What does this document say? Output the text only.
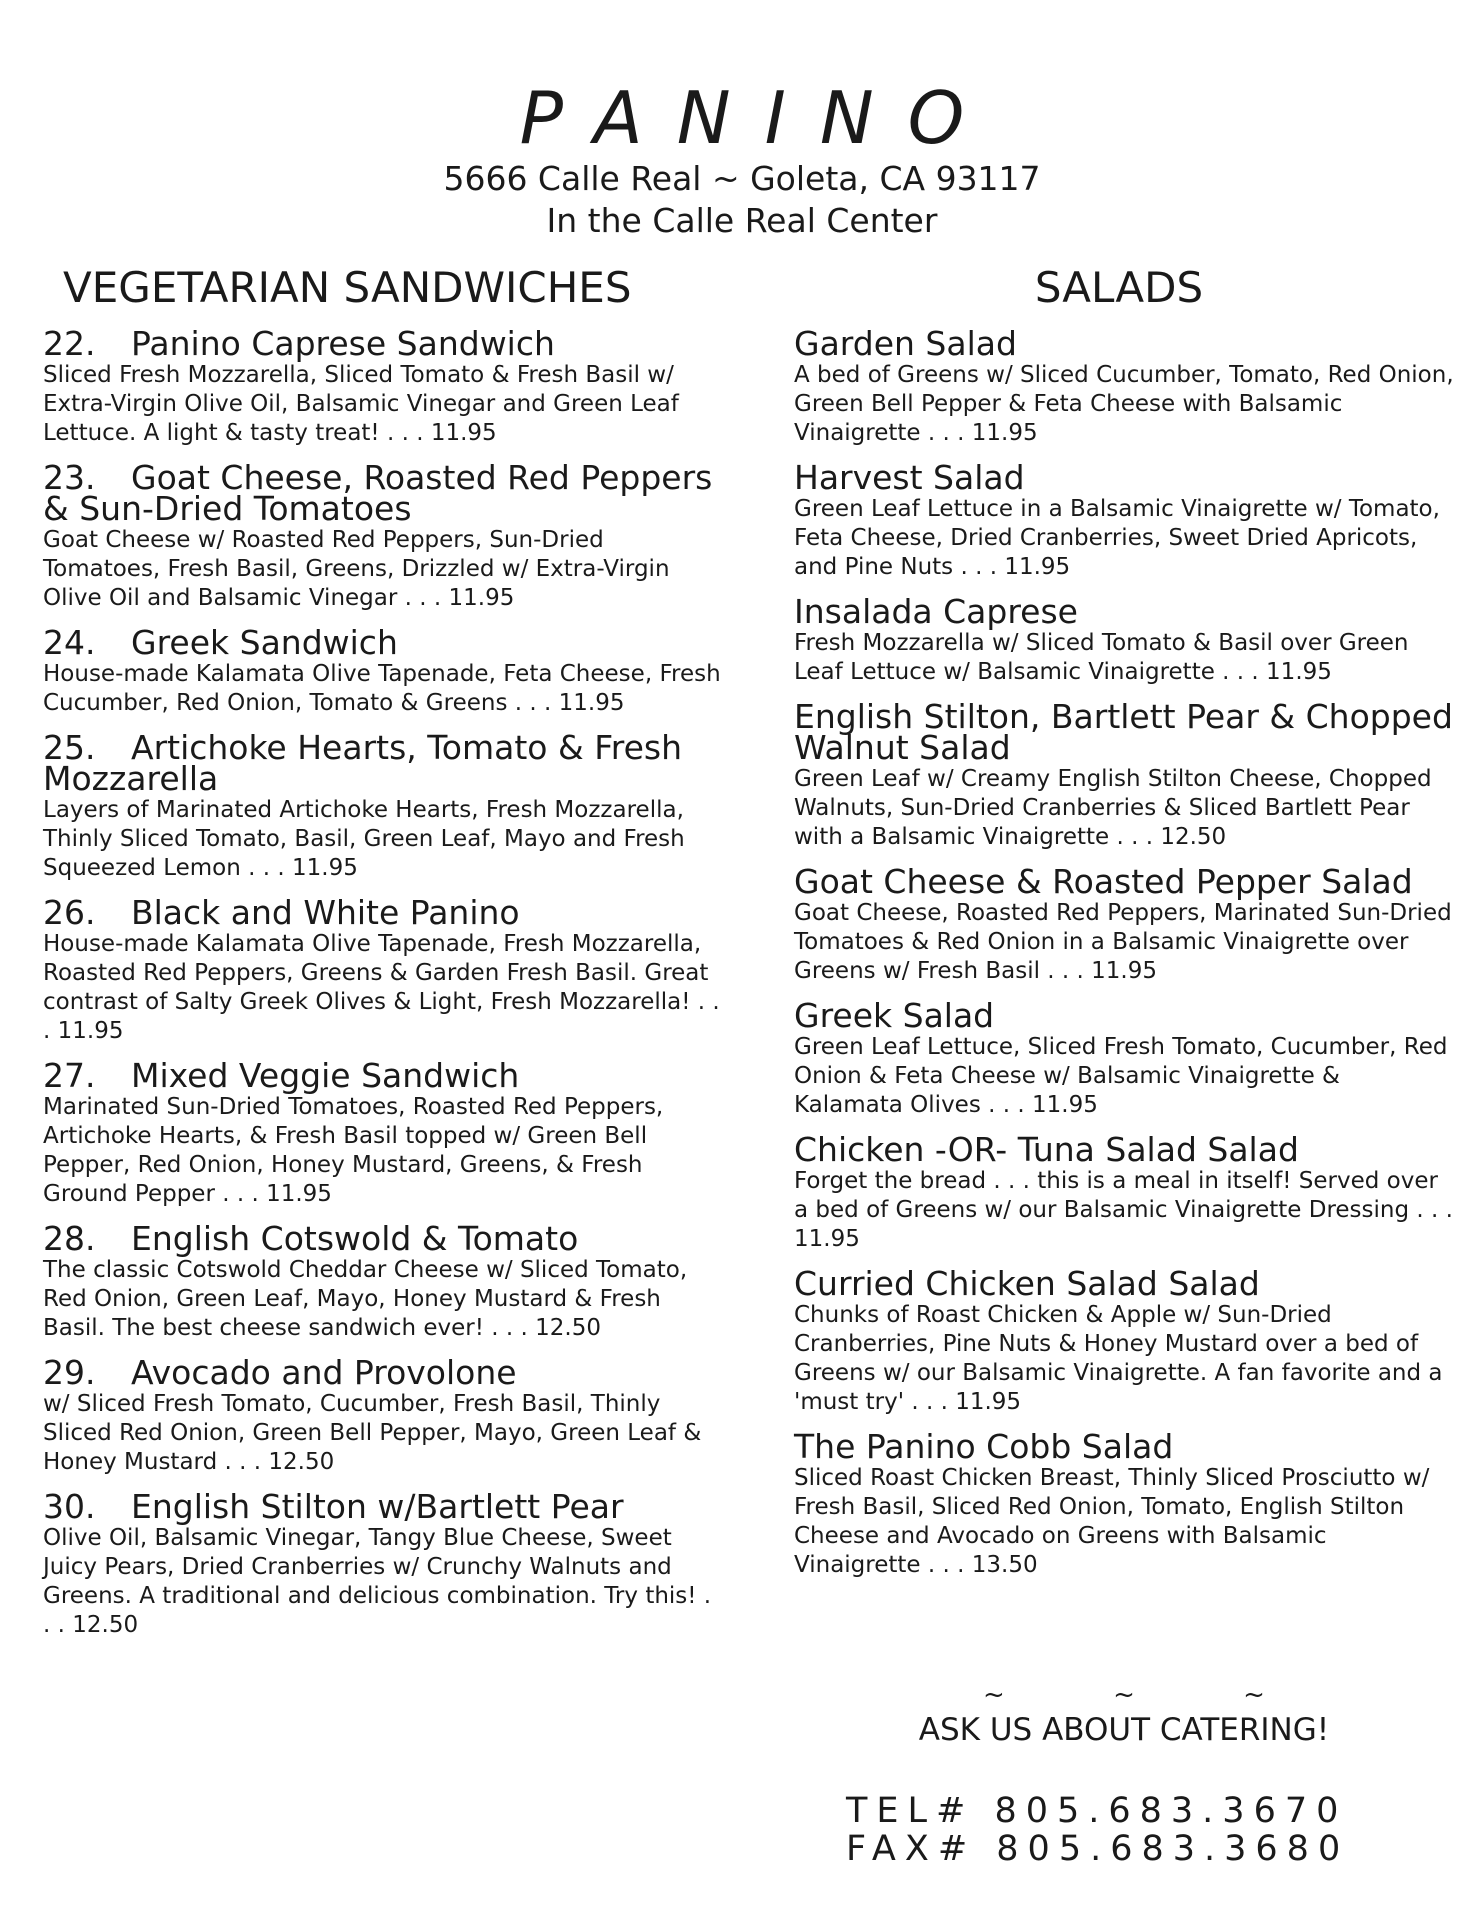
PANINO

5666 Calle Real ~ Goleta, CA 93117

In the Calle Real Center

VEGETARIAN SANDWICHES

22. Panino Caprese Sandwich

Sliced Fresh Mozzarella, Sliced Tomato & Fresh Basil w/ Extra-Virgin Olive Oil, Balsamic Vinegar and Green Leaf Lettuce. A light & tasty treat! . . . 11.95

23. Goat Cheese, Roasted Red Peppers & Sun-Dried Tomatoes

Goat Cheese w/ Roasted Red Peppers, Sun-Dried Tomatoes, Fresh Basil, Greens, Drizzled w/ Extra-Virgin Olive Oil and Balsamic Vinegar . . . 11.95

24. Greek Sandwich

House-made Kalamata Olive Tapenade, Feta Cheese, Fresh Cucumber, Red Onion, Tomato & Greens . . . 11.95

25. Artichoke Hearts, Tomato & Fresh Mozzarella

Layers of Marinated Artichoke Hearts, Fresh Mozzarella, Thinly Sliced Tomato, Basil, Green Leaf, Mayo and Fresh Squeezed Lemon . . . 11.95

26. Black and White Panino

House-made Kalamata Olive Tapenade, Fresh Mozzarella, Roasted Red Peppers, Greens & Garden Fresh Basil. Great contrast of Salty Greek Olives & Light, Fresh Mozzarella! . . . 11.95

27. Mixed Veggie Sandwich

Marinated Sun-Dried Tomatoes, Roasted Red Peppers, Artichoke Hearts, & Fresh Basil topped w/ Green Bell Pepper, Red Onion, Honey Mustard, Greens, & Fresh Ground Pepper . . . 11.95

28. English Cotswold & Tomato

The classic Cotswold Cheddar Cheese w/ Sliced Tomato, Red Onion, Green Leaf, Mayo, Honey Mustard & Fresh Basil. The best cheese sandwich ever! . . . 12.50

29. Avocado and Provolone

w/ Sliced Fresh Tomato, Cucumber, Fresh Basil, Thinly Sliced Red Onion, Green Bell Pepper, Mayo, Green Leaf & Honey Mustard . . . 12.50

30. English Stilton w/Bartlett Pear

Olive Oil, Balsamic Vinegar, Tangy Blue Cheese, Sweet Juicy Pears, Dried Cranberries w/ Crunchy Walnuts and Greens. A traditional and delicious combination. Try this! . . . 12.50

SALADS

Garden Salad

A bed of Greens w/ Sliced Cucumber, Tomato, Red Onion, Green Bell Pepper & Feta Cheese with Balsamic Vinaigrette . . . 11.95

Harvest Salad

Green Leaf Lettuce in a Balsamic Vinaigrette w/ Tomato, Feta Cheese, Dried Cranberries, Sweet Dried Apricots, and Pine Nuts . . . 11.95

Insalada Caprese

Fresh Mozzarella w/ Sliced Tomato & Basil over Green Leaf Lettuce w/ Balsamic Vinaigrette . . . 11.95

English Stilton, Bartlett Pear & Chopped Walnut Salad

Green Leaf w/ Creamy English Stilton Cheese, Chopped Walnuts, Sun-Dried Cranberries & Sliced Bartlett Pear with a Balsamic Vinaigrette . . . 12.50

Goat Cheese & Roasted Pepper Salad

Goat Cheese, Roasted Red Peppers, Marinated Sun-Dried Tomatoes & Red Onion in a Balsamic Vinaigrette over Greens w/ Fresh Basil . . . 11.95

Greek Salad

Green Leaf Lettuce, Sliced Fresh Tomato, Cucumber, Red Onion & Feta Cheese w/ Balsamic Vinaigrette & Kalamata Olives . . . 11.95

Chicken -OR- Tuna Salad Salad

Forget the bread . . . this is a meal in itself! Served over a bed of Greens w/ our Balsamic Vinaigrette Dressing . . . 11.95

Curried Chicken Salad Salad

Chunks of Roast Chicken & Apple w/ Sun-Dried Cranberries, Pine Nuts & Honey Mustard over a bed of Greens w/ our Balsamic Vinaigrette. A fan favorite and a 'must try' . . . 11.95

The Panino Cobb Salad

Sliced Roast Chicken Breast, Thinly Sliced Prosciutto w/ Fresh Basil, Sliced Red Onion, Tomato, English Stilton Cheese and Avocado on Greens with Balsamic Vinaigrette . . . 13.50

~ ~ ~
ASK US ABOUT CATERING!
TEL# 805.683.3670
FAX# 805.683.3680
